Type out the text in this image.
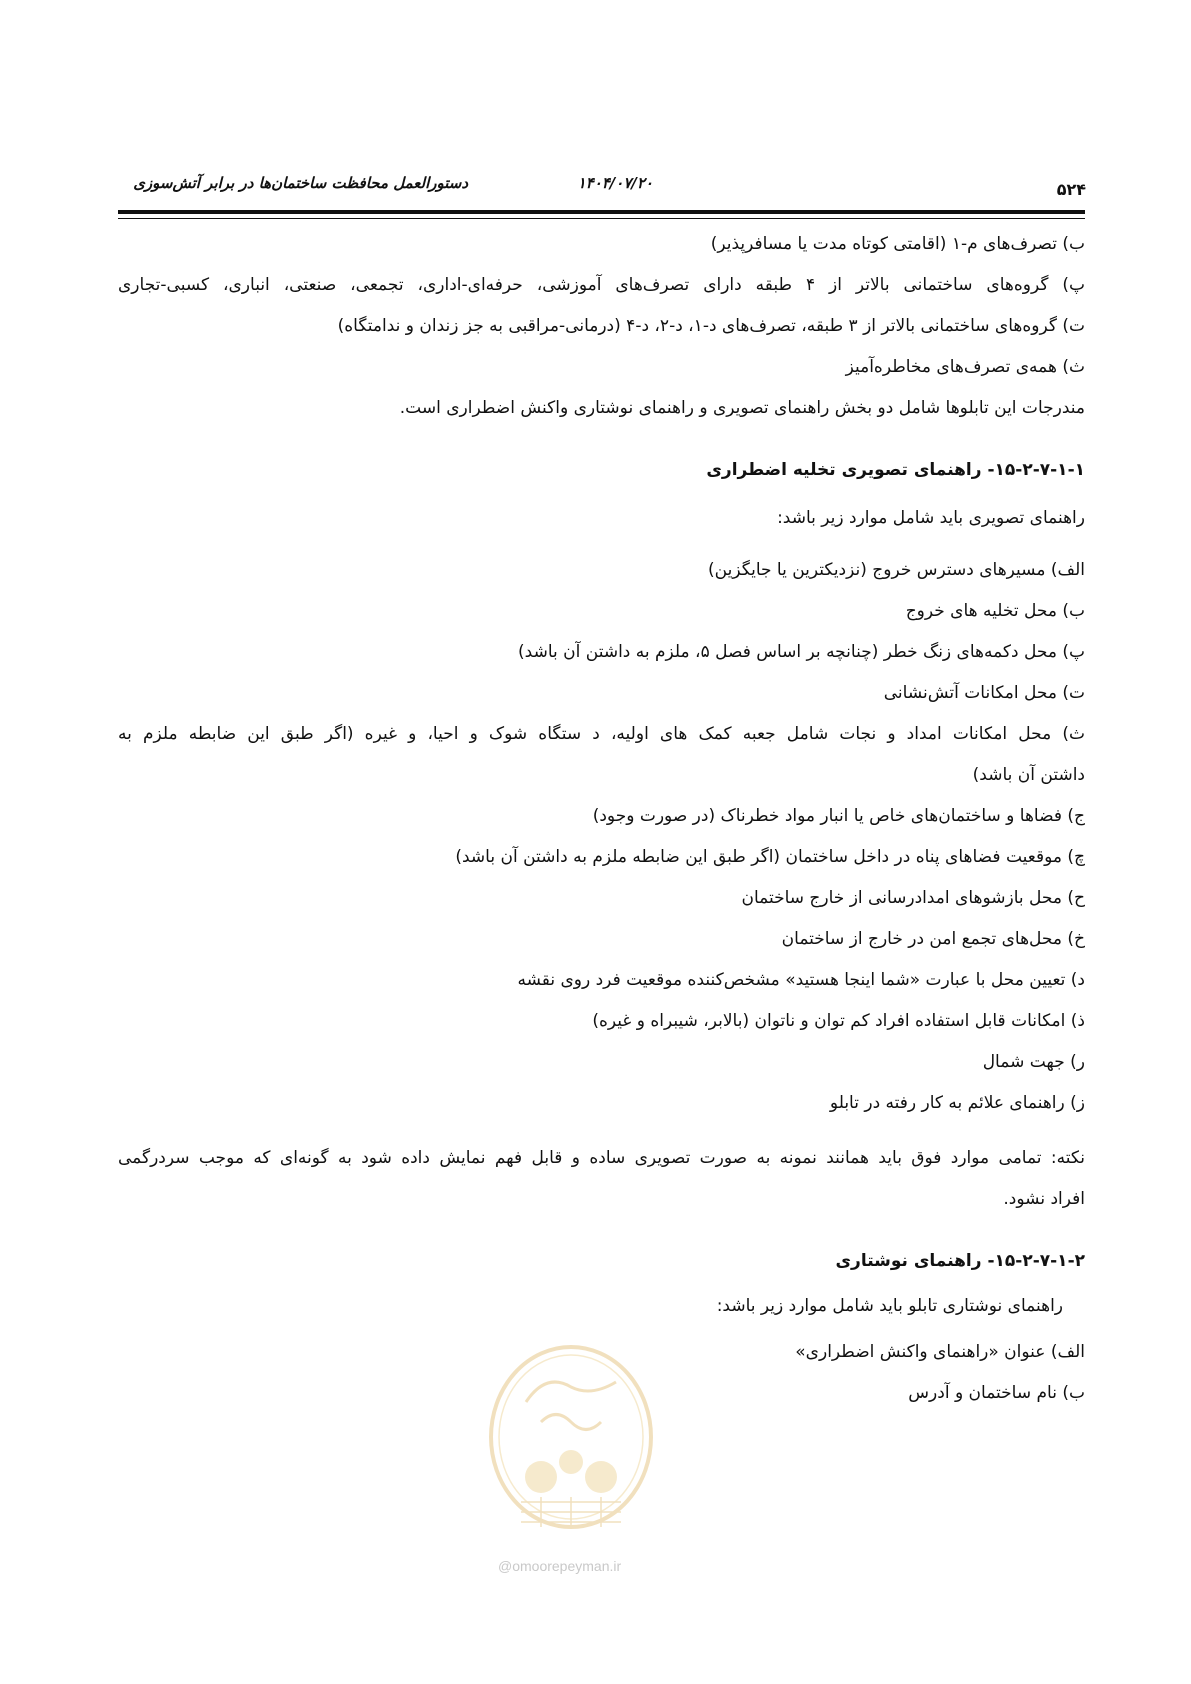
دستورالعمل محافظت ساختمان‌ها در برابر آتش‌سوزی	۱۴۰۴/۰۷/۲۰	۵۲۴
ب) تصرف‌های م-۱ (اقامتی کوتاه مدت یا مسافرپذیر)
پ) گروه‌های ساختمانی بالاتر از ۴ طبقه دارای تصرف‌های آموزشی، حرفه‌ای-اداری، تجمعی، صنعتی، انباری، کسبی-تجاری
ت) گروه‌های ساختمانی بالاتر از ۳ طبقه، تصرف‌های د-۱، د-۲، د-۴ (درمانی-مراقبی به جز زندان و ندامتگاه)
ث) همه‌ی تصرف‌های مخاطره‌آمیز
مندرجات این تابلوها شامل دو بخش راهنمای تصویری و راهنمای نوشتاری واکنش اضطراری است.
۱۵-۲-۷-۱-۱- راهنمای تصویری تخلیه اضطراری
راهنمای تصویری باید شامل موارد زیر باشد:
الف) مسیرهای دسترس خروج (نزدیکترین یا جایگزین)
ب) محل تخلیه های خروج
پ) محل دکمه‌های زنگ خطر (چنانچه بر اساس فصل ۵، ملزم به داشتن آن باشد)
ت) محل امکانات آتش‌نشانی
ث) محل امکانات امداد و نجات شامل جعبه کمک های اولیه، د ستگاه شوک و احیا، و غیره (اگر طبق این ضابطه ملزم به
داشتن آن باشد)
ج) فضاها و ساختمان‌های خاص یا انبار مواد خطرناک (در صورت وجود)
چ) موقعیت فضاهای پناه در داخل ساختمان (اگر طبق این ضابطه ملزم به داشتن آن باشد)
ح) محل بازشوهای امدادرسانی از خارج ساختمان
خ) محل‌های تجمع امن در خارج از ساختمان
د) تعیین محل با عبارت «شما اینجا هستید» مشخص‌کننده موقعیت فرد روی نقشه
ذ) امکانات قابل استفاده افراد کم توان و ناتوان (بالابر، شیبراه و غیره)
ر) جهت شمال
ز) راهنمای علائم به کار رفته در تابلو
نکته: تمامی موارد فوق باید همانند نمونه به صورت تصویری ساده و قابل فهم نمایش داده شود به گونه‌ای که موجب سردرگمی
افراد نشود.
۱۵-۲-۷-۱-۲- راهنمای نوشتاری
راهنمای نوشتاری تابلو باید شامل موارد زیر باشد:
الف) عنوان «راهنمای واکنش اضطراری»
ب) نام ساختمان و آدرس
@omoorepeyman.ir
